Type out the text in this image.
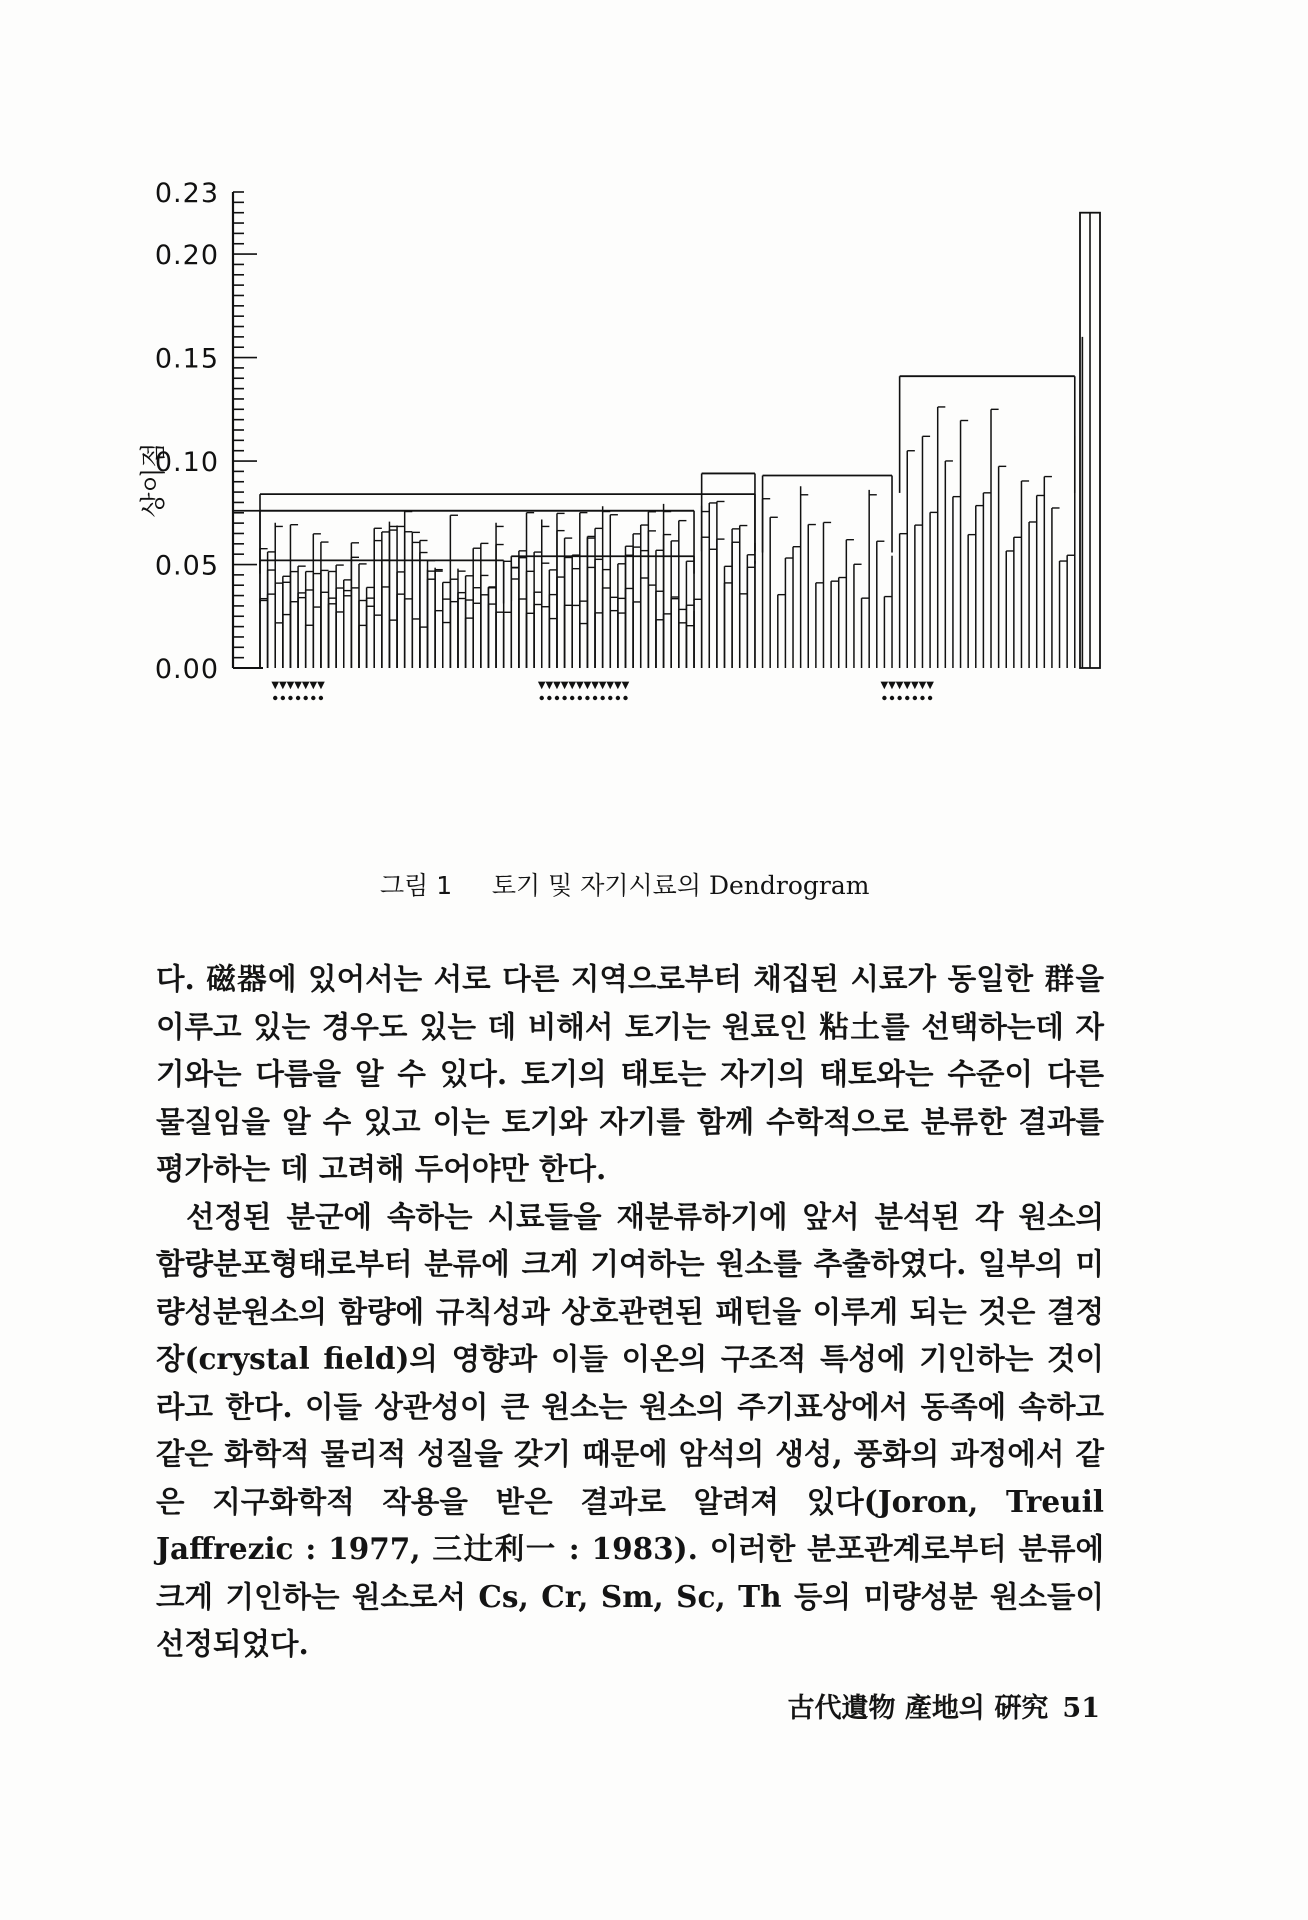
0.23
0.20
0.15
0.10
0.05
0.00
▼ ▼ ▼ ▼ ▼ ▼ ▼	▼ ▼ ▼ ▼ ▼ ▼ ▼ ▼ ▼ ▼ ▼ ▼	▼ ▼ ▼ ▼ ▼ ▼ ▼
상이점
그림 1 토기 및 자기시료의 Dendrogram

다. 磁器에 있어서는 서로 다른 지역으로부터 채집된 시료가 동일한 群을 이루고 있는 경우도 있는 데 비해서 토기는 원료인 粘土를 선택하는데 자기와는 다름을 알 수 있다. 토기의 태토는 자기의 태토와는 수준이 다른 물질임을 알 수 있고 이는 토기와 자기를 함께 수학적으로 분류한 결과를 평가하는 데 고려해 두어야만 한다.

선정된 분군에 속하는 시료들을 재분류하기에 앞서 분석된 각 원소의 함량분포형태로부터 분류에 크게 기여하는 원소를 추출하였다. 일부의 미량성분원소의 함량에 규칙성과 상호관련된 패턴을 이루게 되는 것은 결정장(crystal field)의 영향과 이들 이온의 구조적 특성에 기인하는 것이라고 한다. 이들 상관성이 큰 원소는 원소의 주기표상에서 동족에 속하고 같은 화학적 물리적 성질을 갖기 때문에 암석의 생성, 풍화의 과정에서 같은 지구화학적 작용을 받은 결과로 알려져 있다(Joron, Treuil Jaffrezic : 1977, 三辻利一 : 1983). 이러한 분포관계로부터 분류에 크게 기인하는 원소로서 Cs, Cr, Sm, Sc, Th 등의 미량성분 원소들이 선정되었다.

古代遺物 產地의 硏究 51
